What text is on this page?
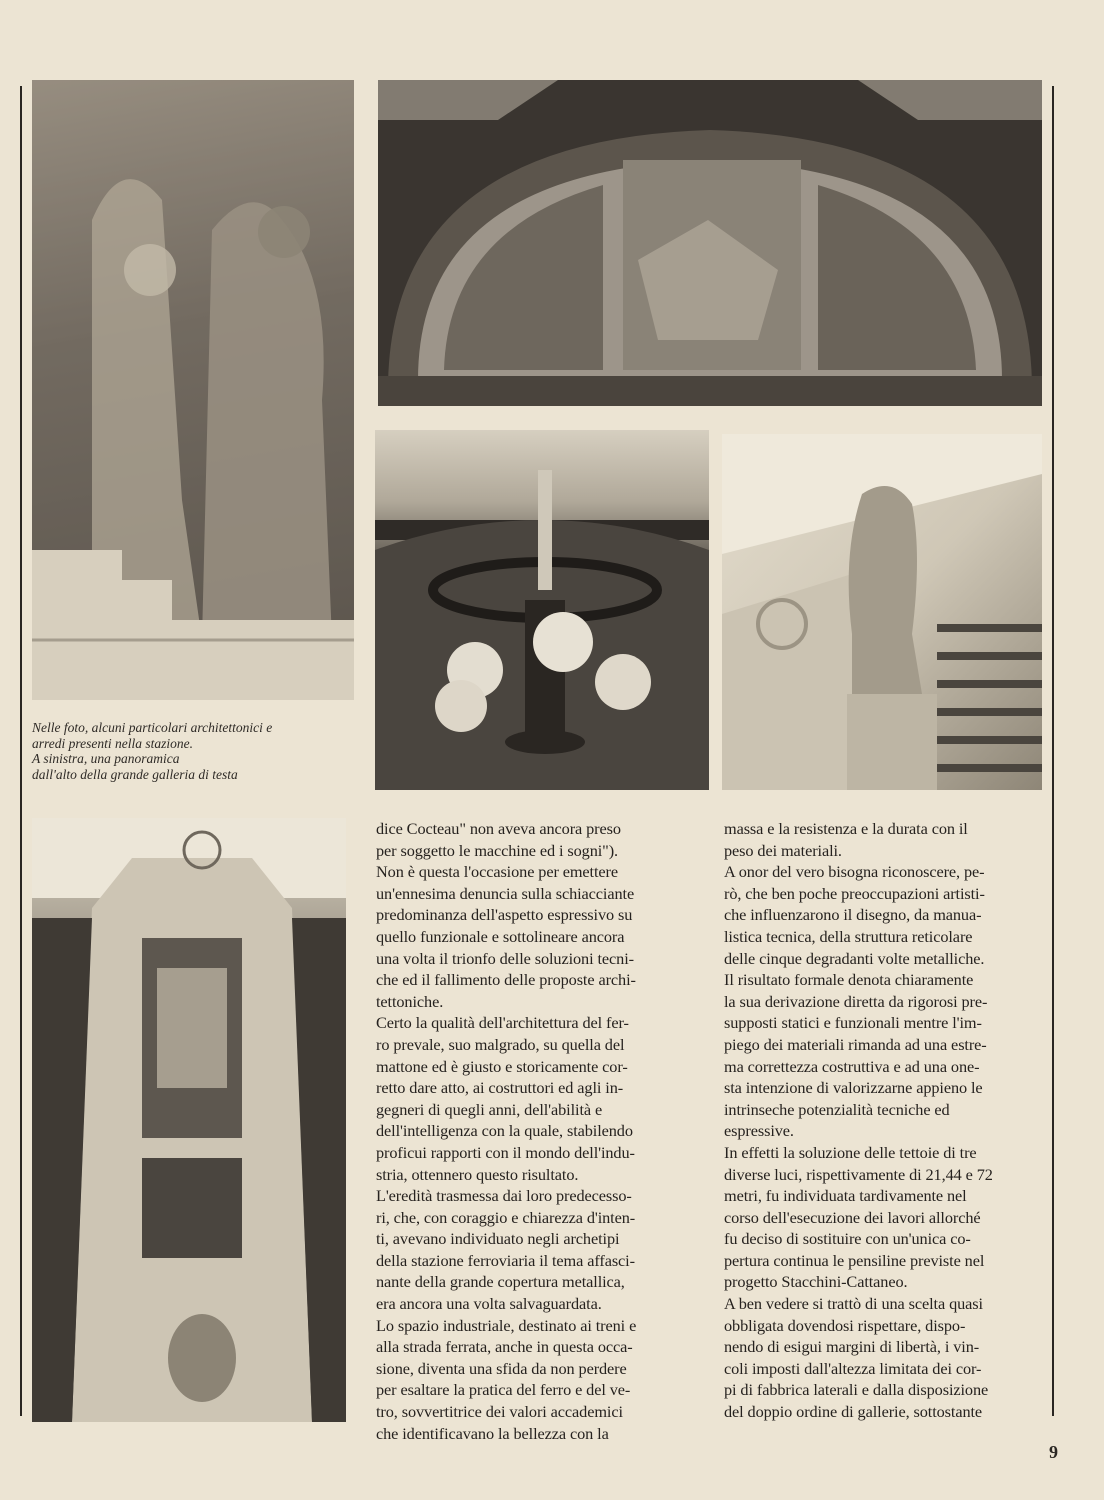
Nelle foto, alcuni particolari architettonici e
arredi presenti nella stazione.
A sinistra, una panoramica
dall'alto della grande galleria di testa

dice Cocteau" non aveva ancora preso
per soggetto le macchine ed i sogni").

Non è questa l'occasione per emettere
un'ennesima denuncia sulla schiacciante
predominanza dell'aspetto espressivo su
quello funzionale e sottolineare ancora
una volta il trionfo delle soluzioni tecni-
che ed il fallimento delle proposte archi-
tettoniche.

Certo la qualità dell'architettura del fer-
ro prevale, suo malgrado, su quella del
mattone ed è giusto e storicamente cor-
retto dare atto, ai costruttori ed agli in-
gegneri di quegli anni, dell'abilità e
dell'intelligenza con la quale, stabilendo
proficui rapporti con il mondo dell'indu-
stria, ottennero questo risultato.

L'eredità trasmessa dai loro predecesso-
ri, che, con coraggio e chiarezza d'inten-
ti, avevano individuato negli archetipi
della stazione ferroviaria il tema affasci-
nante della grande copertura metallica,
era ancora una volta salvaguardata.

Lo spazio industriale, destinato ai treni e
alla strada ferrata, anche in questa occa-
sione, diventa una sfida da non perdere
per esaltare la pratica del ferro e del ve-
tro, sovvertitrice dei valori accademici
che identificavano la bellezza con la

massa e la resistenza e la durata con il
peso dei materiali.

A onor del vero bisogna riconoscere, pe-
rò, che ben poche preoccupazioni artisti-
che influenzarono il disegno, da manua-
listica tecnica, della struttura reticolare
delle cinque degradanti volte metalliche.

Il risultato formale denota chiaramente
la sua derivazione diretta da rigorosi pre-
supposti statici e funzionali mentre l'im-
piego dei materiali rimanda ad una estre-
ma correttezza costruttiva e ad una one-
sta intenzione di valorizzarne appieno le
intrinseche potenzialità tecniche ed
espressive.

In effetti la soluzione delle tettoie di tre
diverse luci, rispettivamente di 21,44 e 72
metri, fu individuata tardivamente nel
corso dell'esecuzione dei lavori allorché
fu deciso di sostituire con un'unica co-
pertura continua le pensiline previste nel
progetto Stacchini-Cattaneo.

A ben vedere si trattò di una scelta quasi
obbligata dovendosi rispettare, dispo-
nendo di esigui margini di libertà, i vin-
coli imposti dall'altezza limitata dei cor-
pi di fabbrica laterali e dalla disposizione
del doppio ordine di gallerie, sottostante

9
